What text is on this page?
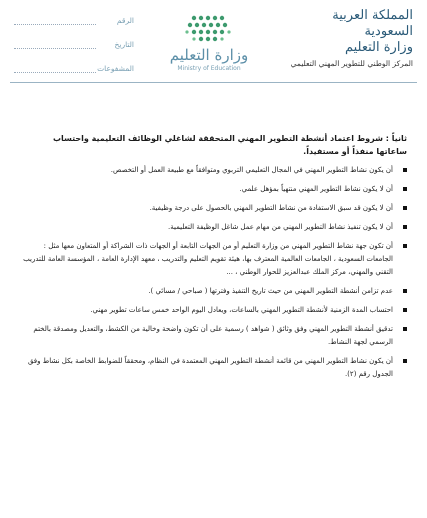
المملكة العربية السعودية
وزارة التعليم
المركز الوطني للتطوير المهني التعليمي
وزارة التعليم
Ministry of Education
الرقم
التاريخ
المشفوعات
ثانياً : شروط اعتماد أنشطة التطوير المهني المتحققة لشاغلي الوظائف التعليمية واحتساب ساعاتها منفذاً أو مستفيداً.
أن يكون نشاط التطوير المهني في المجال التعليمي التربوي ومتوافقاً مع طبيعة العمل أو التخصص.
أن لا يكون نشاط التطوير المهني منتهياً بمؤهل علمي.
أن لا يكون قد سبق الاستفادة من نشاط التطوير المهني بالحصول على درجة وظيفية.
أن لا يكون تنفيذ نشاط التطوير المهني من مهام عمل شاغل الوظيفة التعليمية.
أن تكون جهة نشاط التطوير المهني من وزارة التعليم أو من الجهات التابعة أو الجهات ذات الشراكة أو المتعاون معها مثل : الجامعات السعودية ، الجامعات العالمية المعترف بها، هيئة تقويم التعليم والتدريب ، معهد الإدارة العامة ، المؤسسة العامة للتدريب التقني والمهني، مركز الملك عبدالعزيز للحوار الوطني ، ...
عدم تزامن أنشطة التطوير المهني من حيث تاريخ التنفيذ وفترتها ( صباحي / مسائي ).
احتساب المدة الزمنية لأنشطة التطوير المهني بالساعات، ويعادل اليوم الواحد خمس ساعات تطوير مهني.
تدقيق أنشطة التطوير المهني وفق وثائق ( شواهد ) رسمية على أن تكون واضحة وخالية من الكشط، والتعديل ومصدقة بالختم الرسمي لجهة النشاط.
أن يكون نشاط التطوير المهني من قائمة أنشطة التطوير المهني المعتمدة في النظام، ومحققاً للضوابط الخاصة بكل نشاط وفق الجدول رقم (٢).
